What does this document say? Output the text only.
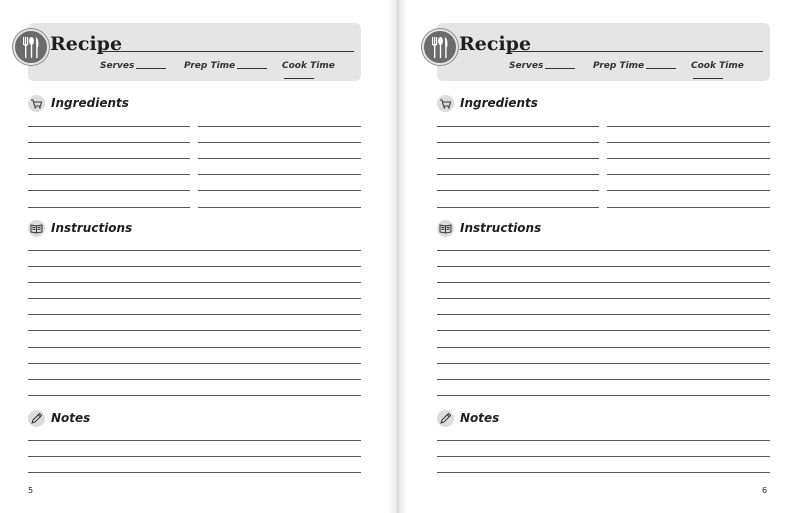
Recipe
Serves	Prep Time	Cook Time
Ingredients
Instructions
Notes
5
Recipe
Serves	Prep Time	Cook Time
Ingredients
Instructions
Notes
6
